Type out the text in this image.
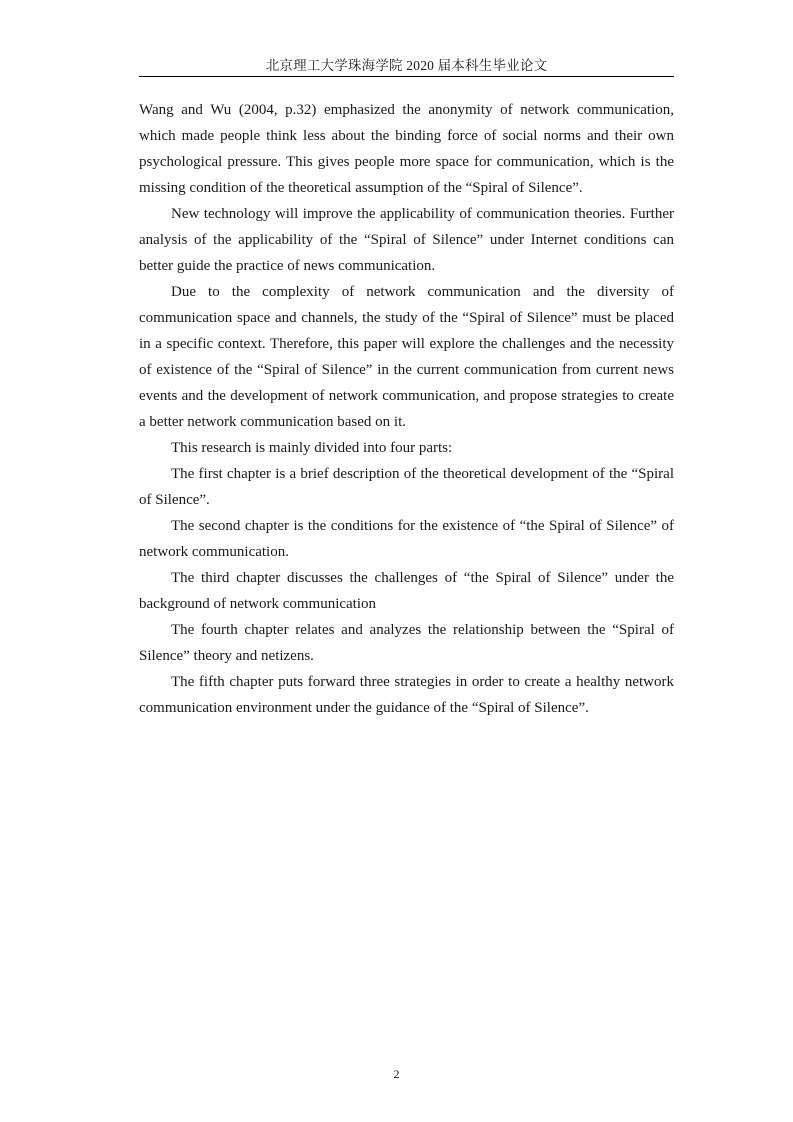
北京理工大学珠海学院 2020 届本科生毕业论文

Wang and Wu (2004, p.32) emphasized the anonymity of network communication, which made people think less about the binding force of social norms and their own psychological pressure. This gives people more space for communication, which is the missing condition of the theoretical assumption of the “Spiral of Silence”.

New technology will improve the applicability of communication theories. Further analysis of the applicability of the “Spiral of Silence” under Internet conditions can better guide the practice of news communication.

Due to the complexity of network communication and the diversity of communication space and channels, the study of the “Spiral of Silence” must be placed in a specific context. Therefore, this paper will explore the challenges and the necessity of existence of the “Spiral of Silence” in the current communication from current news events and the development of network communication, and propose strategies to create a better network communication based on it.

This research is mainly divided into four parts:

The first chapter is a brief description of the theoretical development of the “Spiral of Silence”.

The second chapter is the conditions for the existence of “the Spiral of Silence” of network communication.

The third chapter discusses the challenges of “the Spiral of Silence” under the background of network communication

The fourth chapter relates and analyzes the relationship between the “Spiral of Silence” theory and netizens.

The fifth chapter puts forward three strategies in order to create a healthy network communication environment under the guidance of the “Spiral of Silence”.

2
